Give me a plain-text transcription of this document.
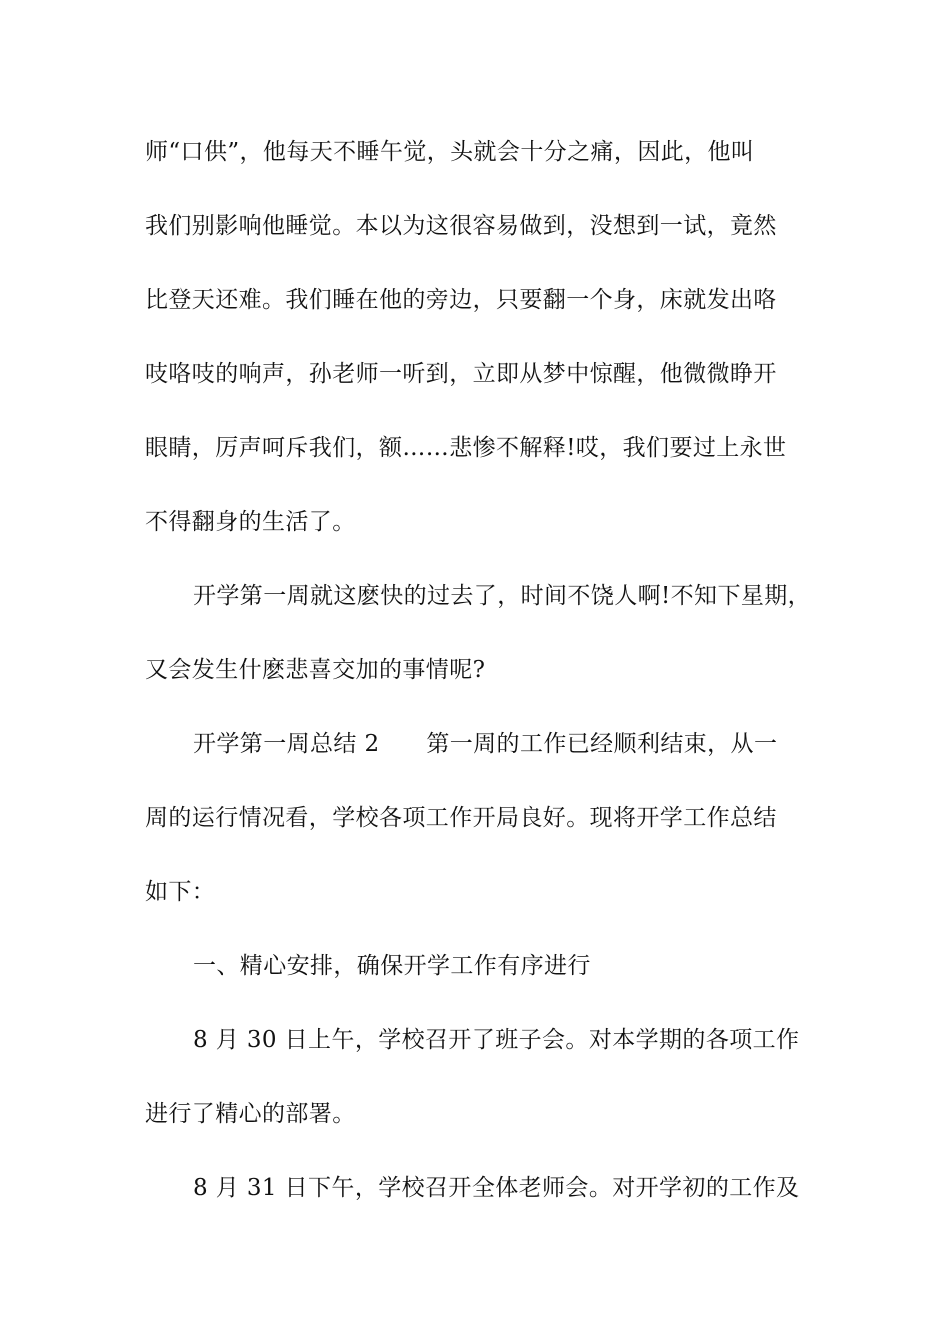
师“口供”，他每天不睡午觉，头就会十分之痛，因此，他叫
我们别影响他睡觉。本以为这很容易做到，没想到一试，竟然
比登天还难。我们睡在他的旁边，只要翻一个身，床就发出咯
吱咯吱的响声，孙老师一听到，立即从梦中惊醒，他微微睁开
眼睛，厉声呵斥我们，额……悲惨不解释!哎，我们要过上永世
不得翻身的生活了。
开学第一周就这麽快的过去了，时间不饶人啊!不知下星期，
又会发生什麽悲喜交加的事情呢?
开学第一周总结 2　　第一周的工作已经顺利结束，从一
周的运行情况看，学校各项工作开局良好。现将开学工作总结
如下：
一、精心安排，确保开学工作有序进行
8 月 30 日上午，学校召开了班子会。对本学期的各项工作
进行了精心的部署。
8 月 31 日下午，学校召开全体老师会。对开学初的工作及
